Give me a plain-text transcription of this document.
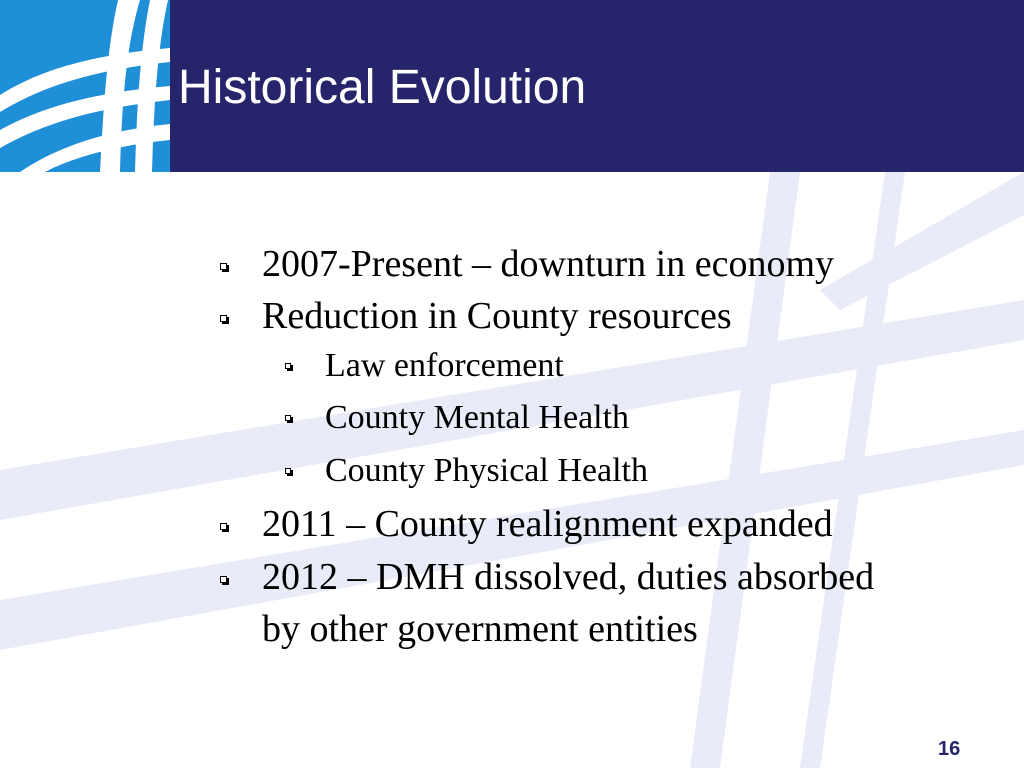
Historical Evolution
2007-Present – downturn in economy
Reduction in County resources
Law enforcement
County Mental Health
County Physical Health
2011 – County realignment expanded
2012 – DMH dissolved, duties absorbed
by other government entities
16
